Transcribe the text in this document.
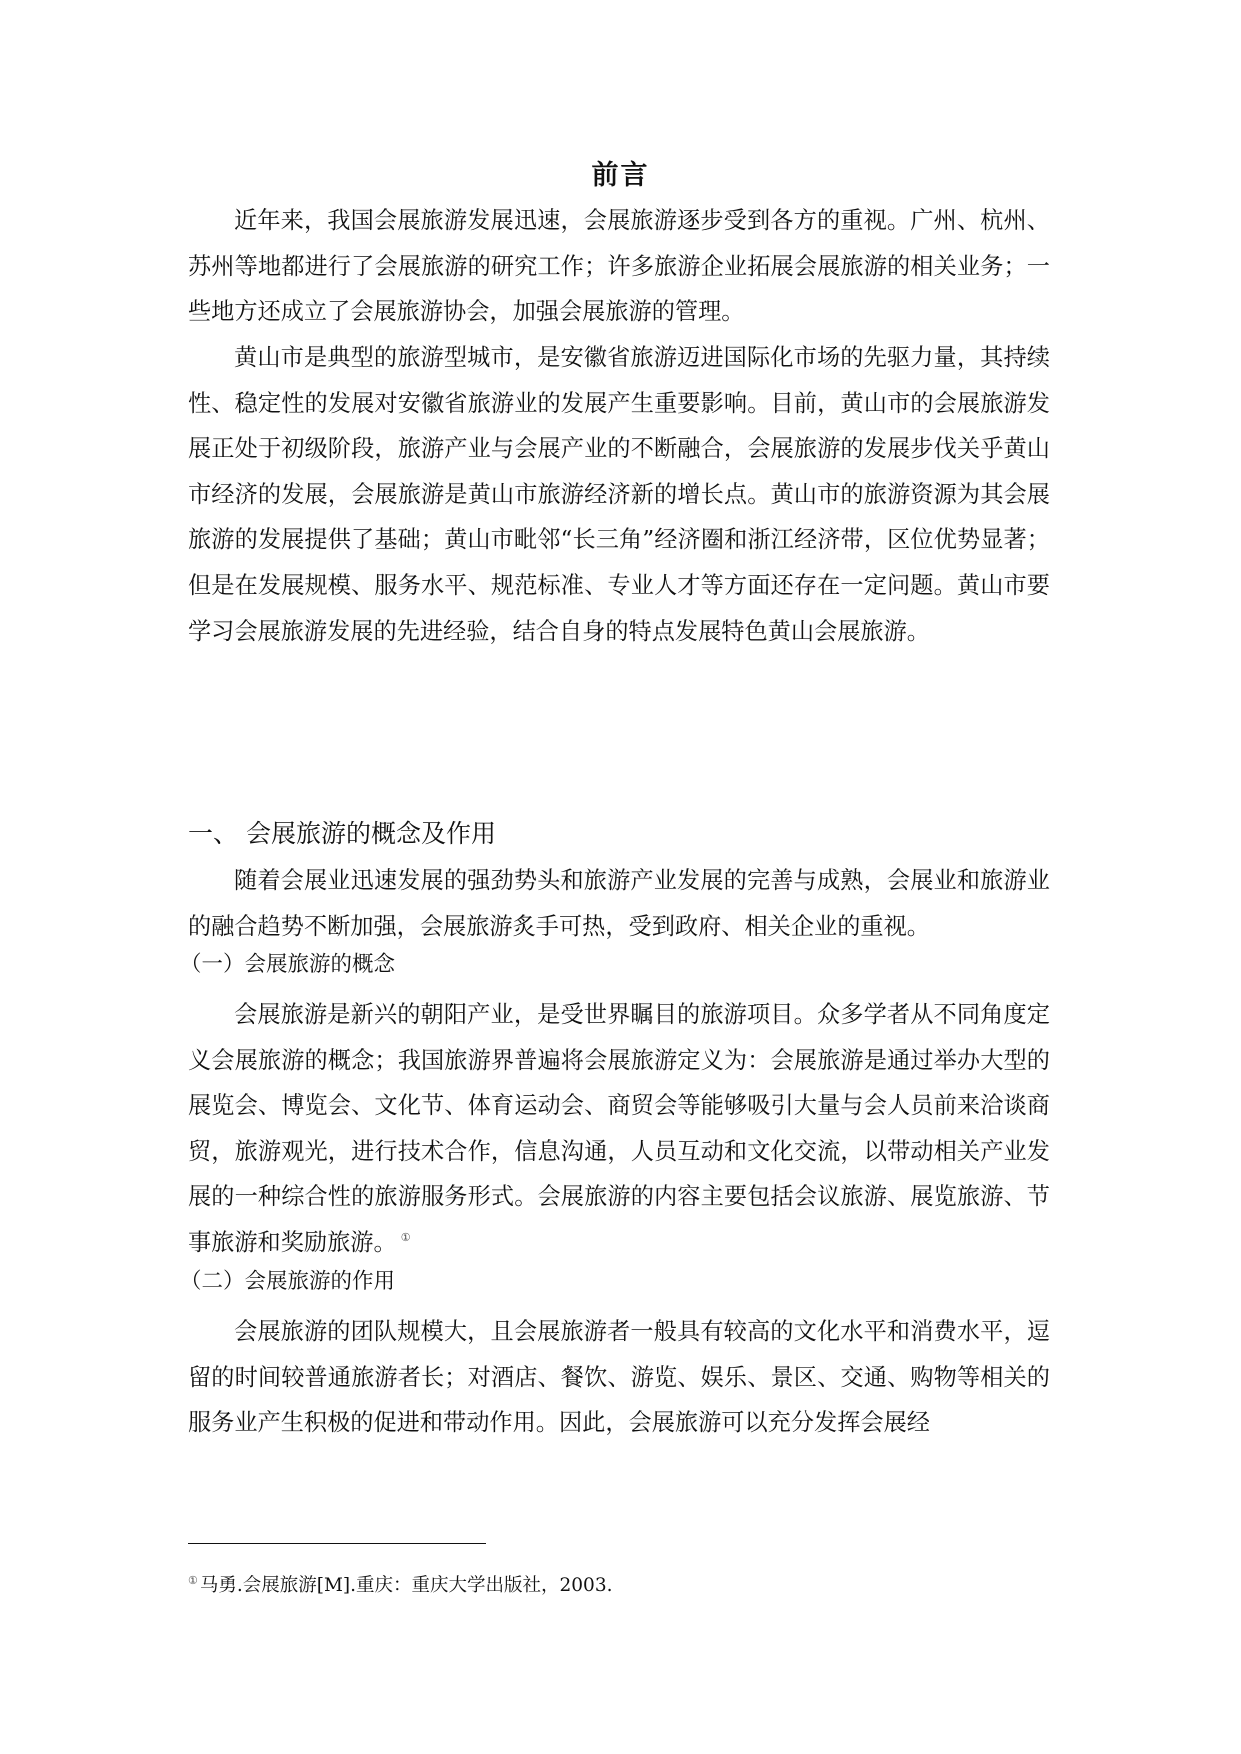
前言

近年来，我国会展旅游发展迅速，会展旅游逐步受到各方的重视。广州、杭州、苏州等地都进行了会展旅游的研究工作；许多旅游企业拓展会展旅游的相关业务；一些地方还成立了会展旅游协会，加强会展旅游的管理。

黄山市是典型的旅游型城市，是安徽省旅游迈进国际化市场的先驱力量，其持续性、稳定性的发展对安徽省旅游业的发展产生重要影响。目前，黄山市的会展旅游发展正处于初级阶段，旅游产业与会展产业的不断融合，会展旅游的发展步伐关乎黄山市经济的发展，会展旅游是黄山市旅游经济新的增长点。黄山市的旅游资源为其会展旅游的发展提供了基础；黄山市毗邻“长三角”经济圈和浙江经济带，区位优势显著；但是在发展规模、服务水平、规范标准、专业人才等方面还存在一定问题。黄山市要学习会展旅游发展的先进经验，结合自身的特点发展特色黄山会展旅游。

一、 会展旅游的概念及作用

随着会展业迅速发展的强劲势头和旅游产业发展的完善与成熟，会展业和旅游业的融合趋势不断加强，会展旅游炙手可热，受到政府、相关企业的重视。

（一）会展旅游的概念

会展旅游是新兴的朝阳产业，是受世界瞩目的旅游项目。众多学者从不同角度定义会展旅游的概念；我国旅游界普遍将会展旅游定义为：会展旅游是通过举办大型的展览会、博览会、文化节、体育运动会、商贸会等能够吸引大量与会人员前来洽谈商贸，旅游观光，进行技术合作，信息沟通，人员互动和文化交流，以带动相关产业发展的一种综合性的旅游服务形式。会展旅游的内容主要包括会议旅游、展览旅游、节事旅游和奖励旅游。 ①

（二）会展旅游的作用

会展旅游的团队规模大，且会展旅游者一般具有较高的文化水平和消费水平，逗留的时间较普通旅游者长；对酒店、餐饮、游览、娱乐、景区、交通、购物等相关的服务业产生积极的促进和带动作用。因此，会展旅游可以充分发挥会展经

① 马勇.会展旅游[M].重庆：重庆大学出版社，2003.
